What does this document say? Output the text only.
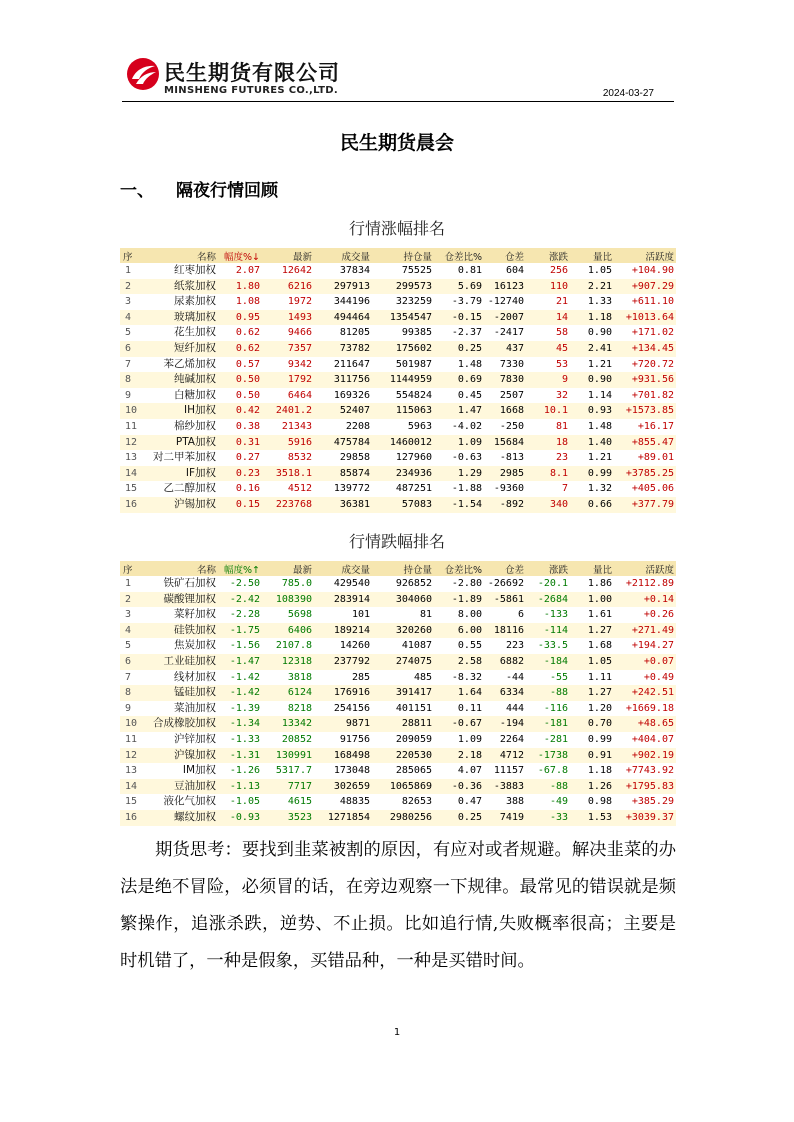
民生期货有限公司
MINSHENG FUTURES CO.,LTD.	2024-03-27
民生期货晨会
一、 隔夜行情回顾
行情涨幅排名
序	名称	幅度%↓	最新	成交量	持仓量	仓差比%	仓差	涨跌	量比	活跃度
1	红枣加权	2.07	12642	37834	75525	0.81	604	256	1.05	+104.90
2	纸浆加权	1.80	6216	297913	299573	5.69	16123	110	2.21	+907.29
3	尿素加权	1.08	1972	344196	323259	-3.79	-12740	21	1.33	+611.10
4	玻璃加权	0.95	1493	494464	1354547	-0.15	-2007	14	1.18	+1013.64
5	花生加权	0.62	9466	81205	99385	-2.37	-2417	58	0.90	+171.02
6	短纤加权	0.62	7357	73782	175602	0.25	437	45	2.41	+134.45
7	苯乙烯加权	0.57	9342	211647	501987	1.48	7330	53	1.21	+720.72
8	纯碱加权	0.50	1792	311756	1144959	0.69	7830	9	0.90	+931.56
9	白糖加权	0.50	6464	169326	554824	0.45	2507	32	1.14	+701.82
10	IH加权	0.42	2401.2	52407	115063	1.47	1668	10.1	0.93	+1573.85
11	棉纱加权	0.38	21343	2208	5963	-4.02	-250	81	1.48	+16.17
12	PTA加权	0.31	5916	475784	1460012	1.09	15684	18	1.40	+855.47
13	对二甲苯加权	0.27	8532	29858	127960	-0.63	-813	23	1.21	+89.01
14	IF加权	0.23	3518.1	85874	234936	1.29	2985	8.1	0.99	+3785.25
15	乙二醇加权	0.16	4512	139772	487251	-1.88	-9360	7	1.32	+405.06
16	沪锡加权	0.15	223768	36381	57083	-1.54	-892	340	0.66	+377.79
行情跌幅排名
序	名称	幅度%↑	最新	成交量	持仓量	仓差比%	仓差	涨跌	量比	活跃度
1	铁矿石加权	-2.50	785.0	429540	926852	-2.80	-26692	-20.1	1.86	+2112.89
2	碳酸锂加权	-2.42	108390	283914	304060	-1.89	-5861	-2684	1.00	+0.14
3	菜籽加权	-2.28	5698	101	81	8.00	6	-133	1.61	+0.26
4	硅铁加权	-1.75	6406	189214	320260	6.00	18116	-114	1.27	+271.49
5	焦炭加权	-1.56	2107.8	14260	41087	0.55	223	-33.5	1.68	+194.27
6	工业硅加权	-1.47	12318	237792	274075	2.58	6882	-184	1.05	+0.07
7	线材加权	-1.42	3818	285	485	-8.32	-44	-55	1.11	+0.49
8	锰硅加权	-1.42	6124	176916	391417	1.64	6334	-88	1.27	+242.51
9	菜油加权	-1.39	8218	254156	401151	0.11	444	-116	1.20	+1669.18
10	合成橡胶加权	-1.34	13342	9871	28811	-0.67	-194	-181	0.70	+48.65
11	沪锌加权	-1.33	20852	91756	209059	1.09	2264	-281	0.99	+404.07
12	沪镍加权	-1.31	130991	168498	220530	2.18	4712	-1738	0.91	+902.19
13	IM加权	-1.26	5317.7	173048	285065	4.07	11157	-67.8	1.18	+7743.92
14	豆油加权	-1.13	7717	302659	1065869	-0.36	-3883	-88	1.26	+1795.83
15	液化气加权	-1.05	4615	48835	82653	0.47	388	-49	0.98	+385.29
16	螺纹加权	-0.93	3523	1271854	2980256	0.25	7419	-33	1.53	+3039.37
期货思考：要找到韭菜被割的原因，有应对或者规避。解决韭菜的办法是绝不冒险，必须冒的话，在旁边观察一下规律。最常见的错误就是频繁操作，追涨杀跌，逆势、不止损。比如追行情,失败概率很高；主要是时机错了，一种是假象，买错品种，一种是买错时间。
1
